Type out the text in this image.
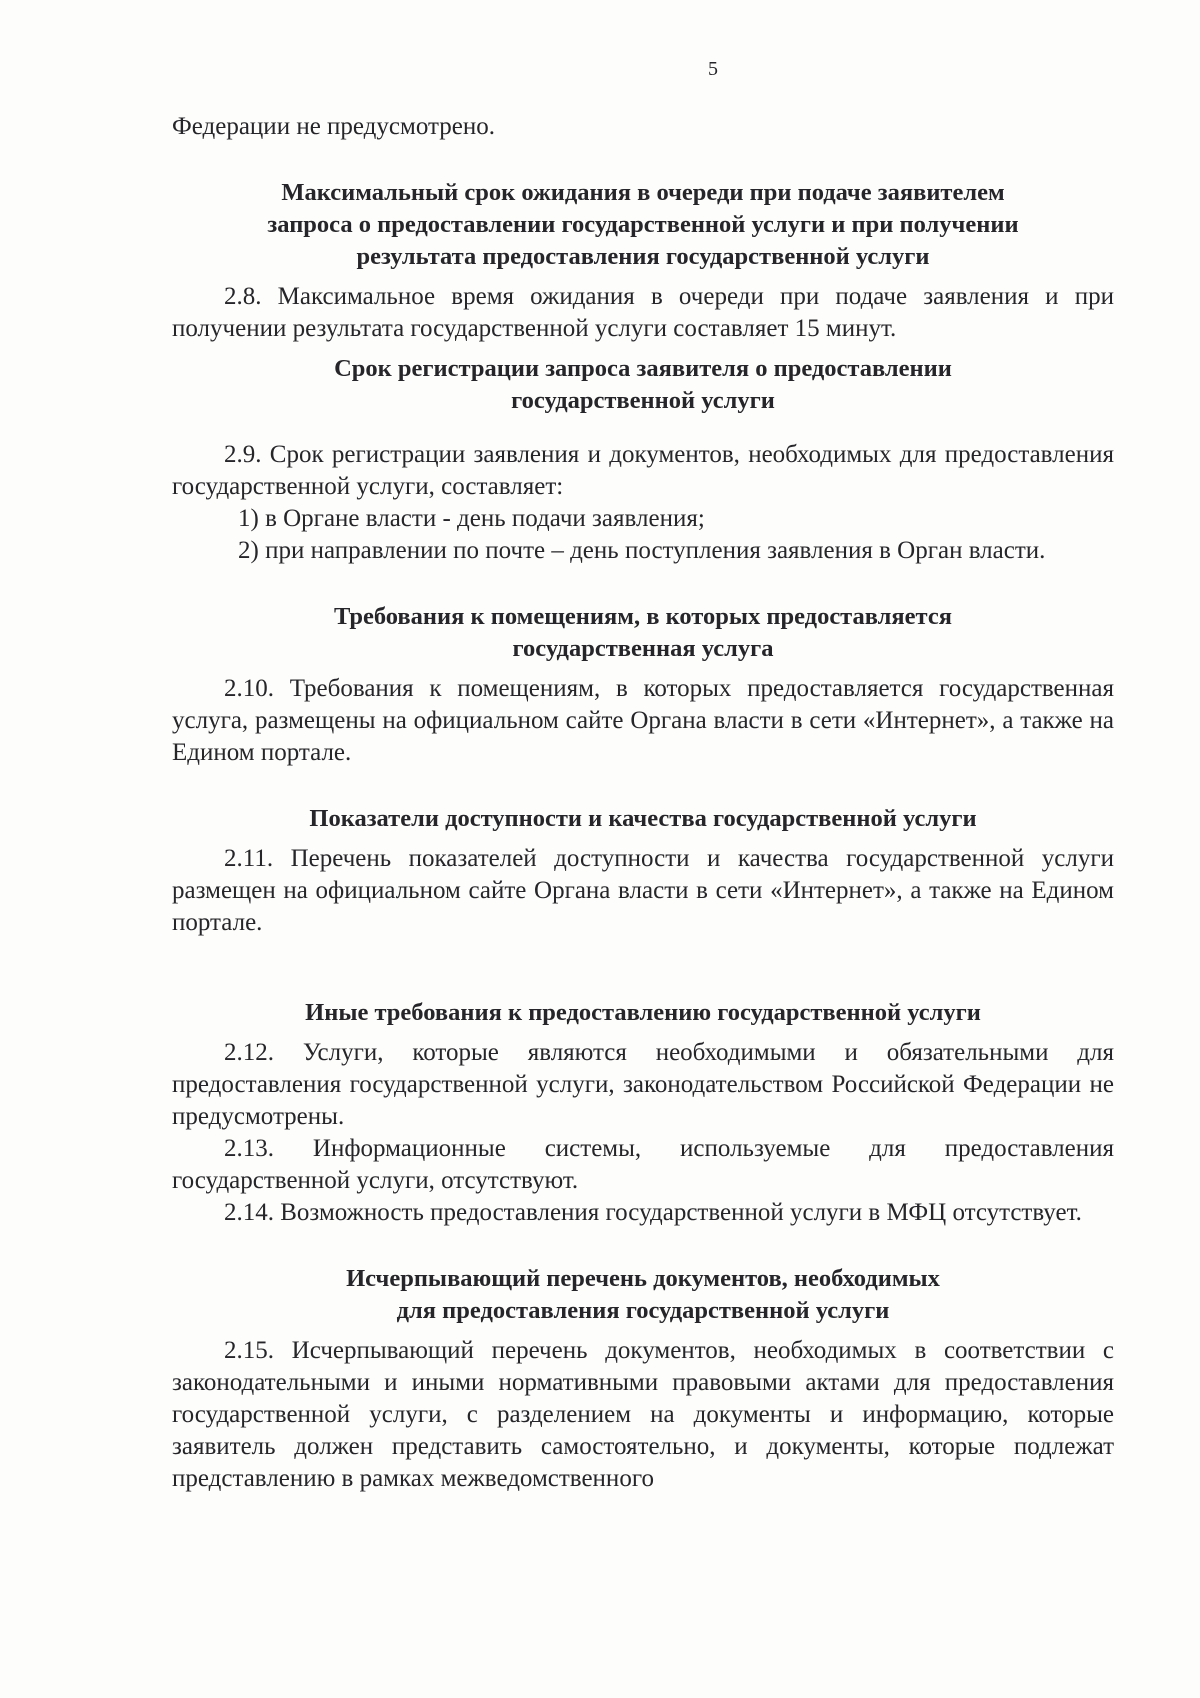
5

Федерации не предусмотрено.

Максимальный срок ожидания в очереди при подаче заявителем
запроса о предоставлении государственной услуги и при получении
результата предоставления государственной услуги

2.8. Максимальное время ожидания в очереди при подаче заявления и при получении результата государственной услуги составляет 15 минут.

Срок регистрации запроса заявителя о предоставлении
государственной услуги

2.9. Срок регистрации заявления и документов, необходимых для предоставления государственной услуги, составляет:

1) в Органе власти - день подачи заявления;

2) при направлении по почте – день поступления заявления в Орган власти.

Требования к помещениям, в которых предоставляется
государственная услуга

2.10. Требования к помещениям, в которых предоставляется государственная услуга, размещены на официальном сайте Органа власти в сети «Интернет», а также на Едином портале.

Показатели доступности и качества государственной услуги

2.11. Перечень показателей доступности и качества государственной услуги размещен на официальном сайте Органа власти в сети «Интернет», а также на Едином портале.

Иные требования к предоставлению государственной услуги

2.12. Услуги, которые являются необходимыми и обязательными для предоставления государственной услуги, законодательством Российской Федерации не предусмотрены.

2.13. Информационные системы, используемые для предоставления государственной услуги, отсутствуют.

2.14. Возможность предоставления государственной услуги в МФЦ отсутствует.

Исчерпывающий перечень документов, необходимых
для предоставления государственной услуги

2.15. Исчерпывающий перечень документов, необходимых в соответствии с законодательными и иными нормативными правовыми актами для предоставления государственной услуги, с разделением на документы и информацию, которые заявитель должен представить самостоятельно, и документы, которые подлежат представлению в рамках межведомственного
